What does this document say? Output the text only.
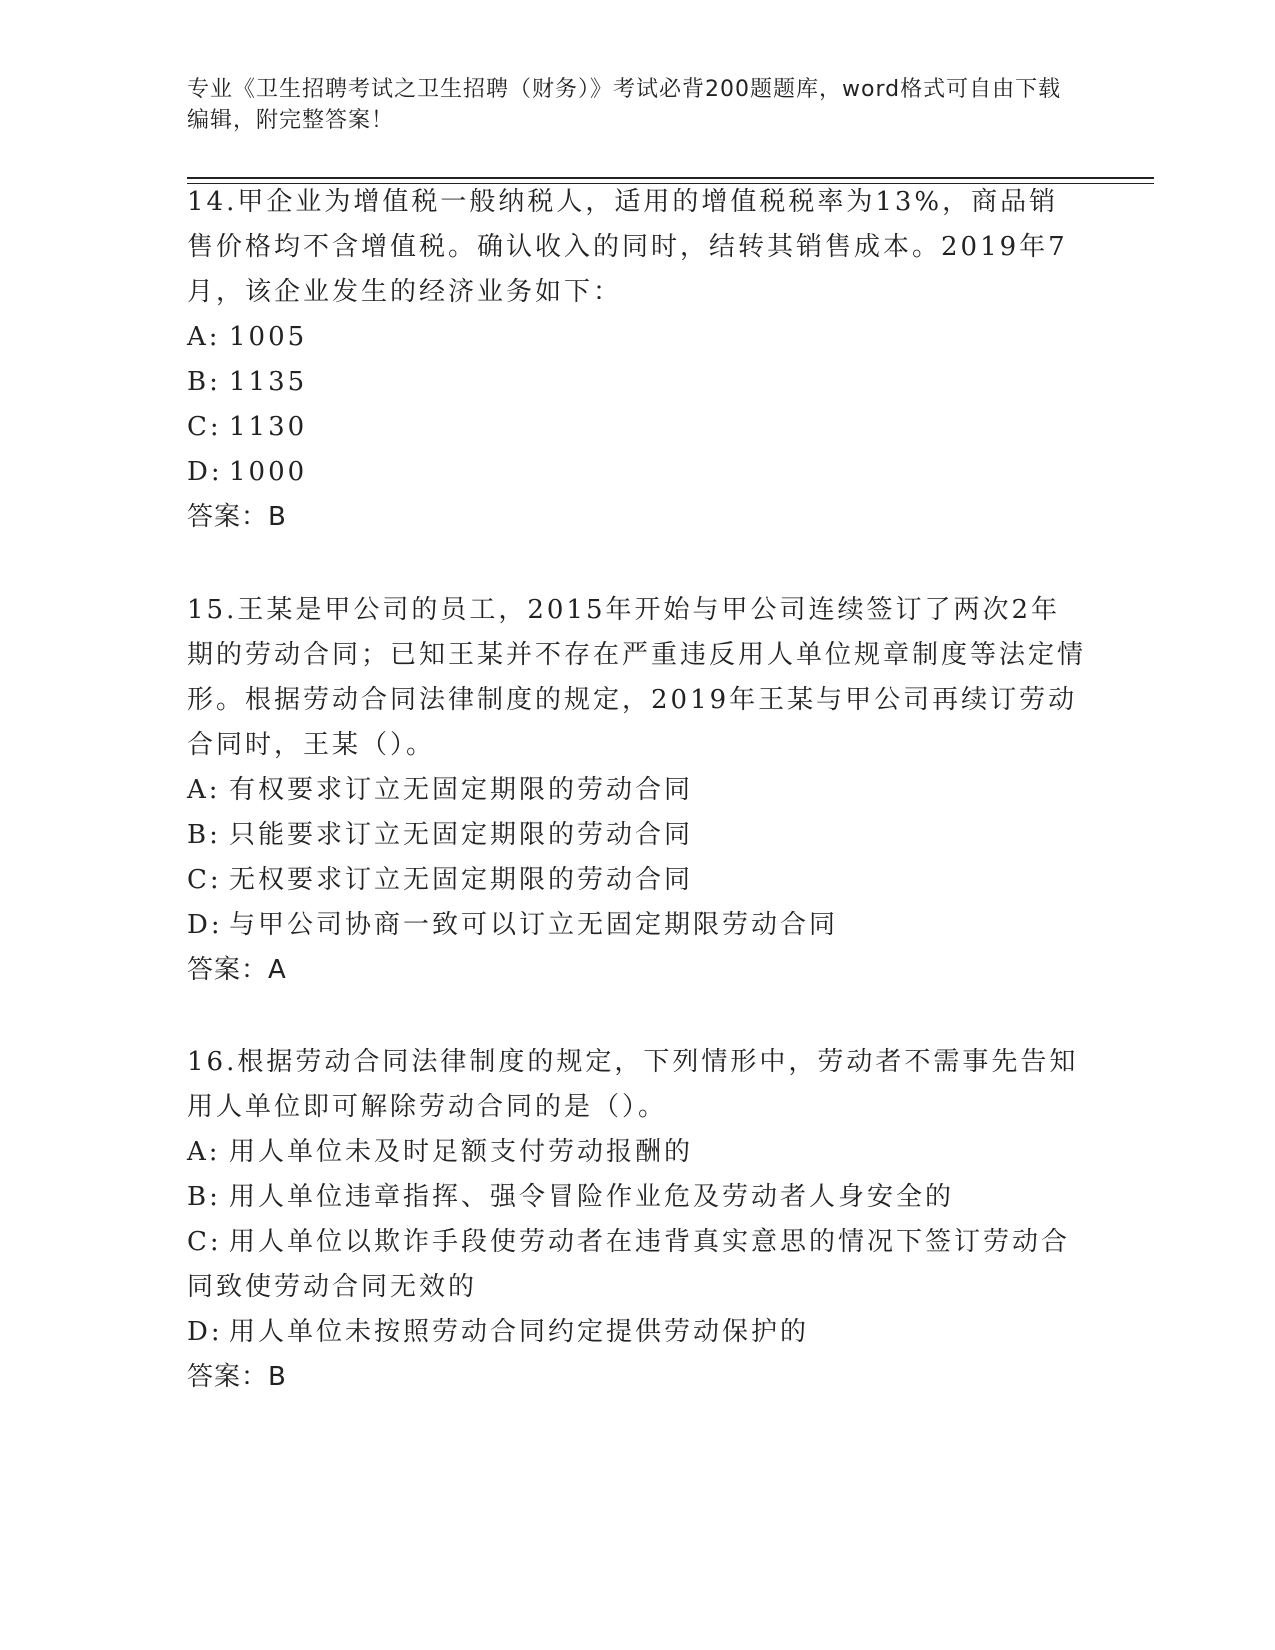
专业《卫生招聘考试之卫生招聘（财务）》考试必背200题题库，word格式可自由下载编辑，附完整答案！

14.甲企业为增值税一般纳税人，适用的增值税税率为13%，商品销售价格均不含增值税。确认收入的同时，结转其销售成本。2019年7月，该企业发生的经济业务如下：

A: 1005

B: 1135

C: 1130

D: 1000

答案：B

15.王某是甲公司的员工，2015年开始与甲公司连续签订了两次2年期的劳动合同；已知王某并不存在严重违反用人单位规章制度等法定情形。根据劳动合同法律制度的规定，2019年王某与甲公司再续订劳动合同时，王某（）。

A: 有权要求订立无固定期限的劳动合同

B: 只能要求订立无固定期限的劳动合同

C: 无权要求订立无固定期限的劳动合同

D: 与甲公司协商一致可以订立无固定期限劳动合同

答案：A

16.根据劳动合同法律制度的规定，下列情形中，劳动者不需事先告知用人单位即可解除劳动合同的是（）。

A: 用人单位未及时足额支付劳动报酬的

B: 用人单位违章指挥、强令冒险作业危及劳动者人身安全的

C: 用人单位以欺诈手段使劳动者在违背真实意思的情况下签订劳动合同致使劳动合同无效的

D: 用人单位未按照劳动合同约定提供劳动保护的

答案：B
